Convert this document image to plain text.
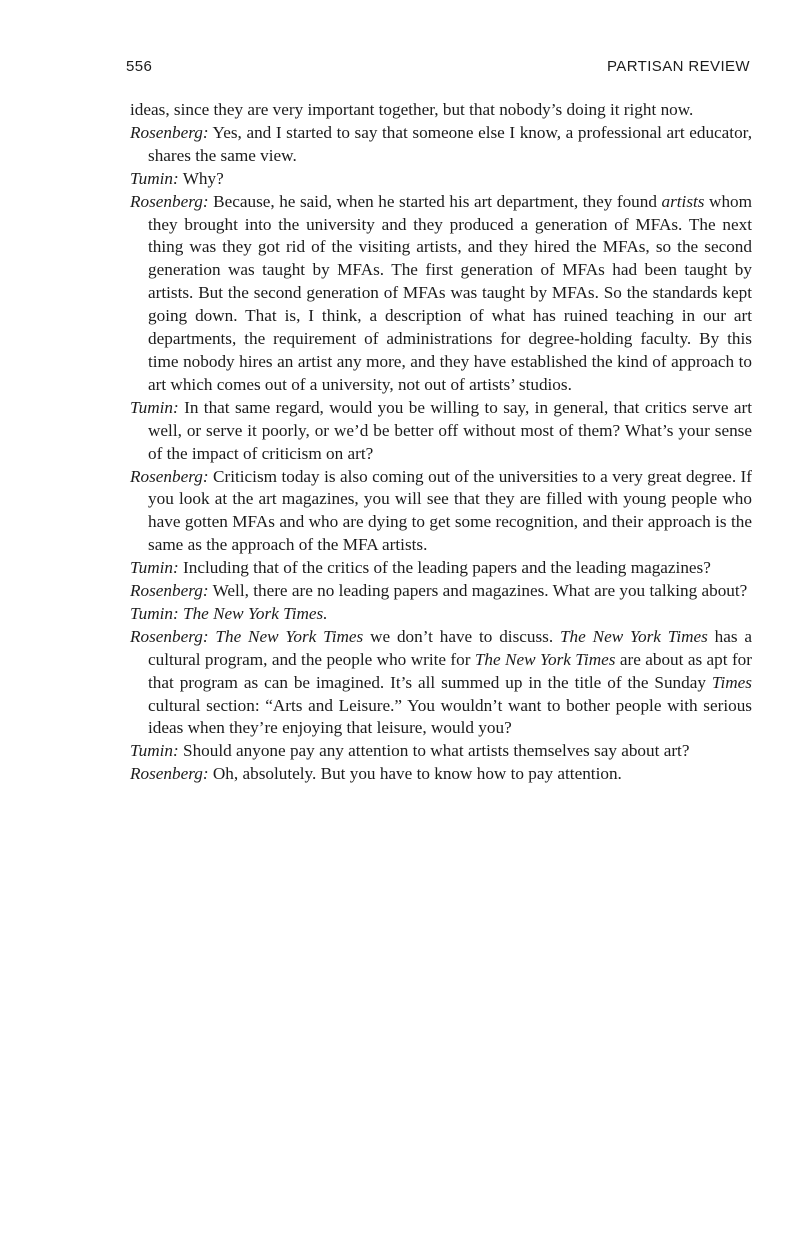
556	PARTISAN REVIEW

ideas, since they are very important together, but that nobody’s doing it right now.

Rosenberg: Yes, and I started to say that someone else I know, a professional art educator, shares the same view.

Tumin: Why?

Rosenberg: Because, he said, when he started his art department, they found artists whom they brought into the university and they produced a generation of MFAs. The next thing was they got rid of the visiting artists, and they hired the MFAs, so the second generation was taught by MFAs. The first generation of MFAs had been taught by artists. But the second generation of MFAs was taught by MFAs. So the standards kept going down. That is, I think, a description of what has ruined teaching in our art departments, the requirement of administrations for degree-holding faculty. By this time nobody hires an artist any more, and they have established the kind of approach to art which comes out of a university, not out of artists’ studios.

Tumin: In that same regard, would you be willing to say, in general, that critics serve art well, or serve it poorly, or we’d be better off without most of them? What’s your sense of the impact of criticism on art?

Rosenberg: Criticism today is also coming out of the universities to a very great degree. If you look at the art magazines, you will see that they are filled with young people who have gotten MFAs and who are dying to get some recognition, and their approach is the same as the approach of the MFA artists.

Tumin: Including that of the critics of the leading papers and the leading magazines?

Rosenberg: Well, there are no leading papers and magazines. What are you talking about?

Tumin: The New York Times.

Rosenberg: The New York Times we don’t have to discuss. The New York Times has a cultural program, and the people who write for The New York Times are about as apt for that program as can be imagined. It’s all summed up in the title of the Sunday Times cultural section: “Arts and Leisure.” You wouldn’t want to bother people with serious ideas when they’re enjoying that leisure, would you?

Tumin: Should anyone pay any attention to what artists themselves say about art?

Rosenberg: Oh, absolutely. But you have to know how to pay attention.
